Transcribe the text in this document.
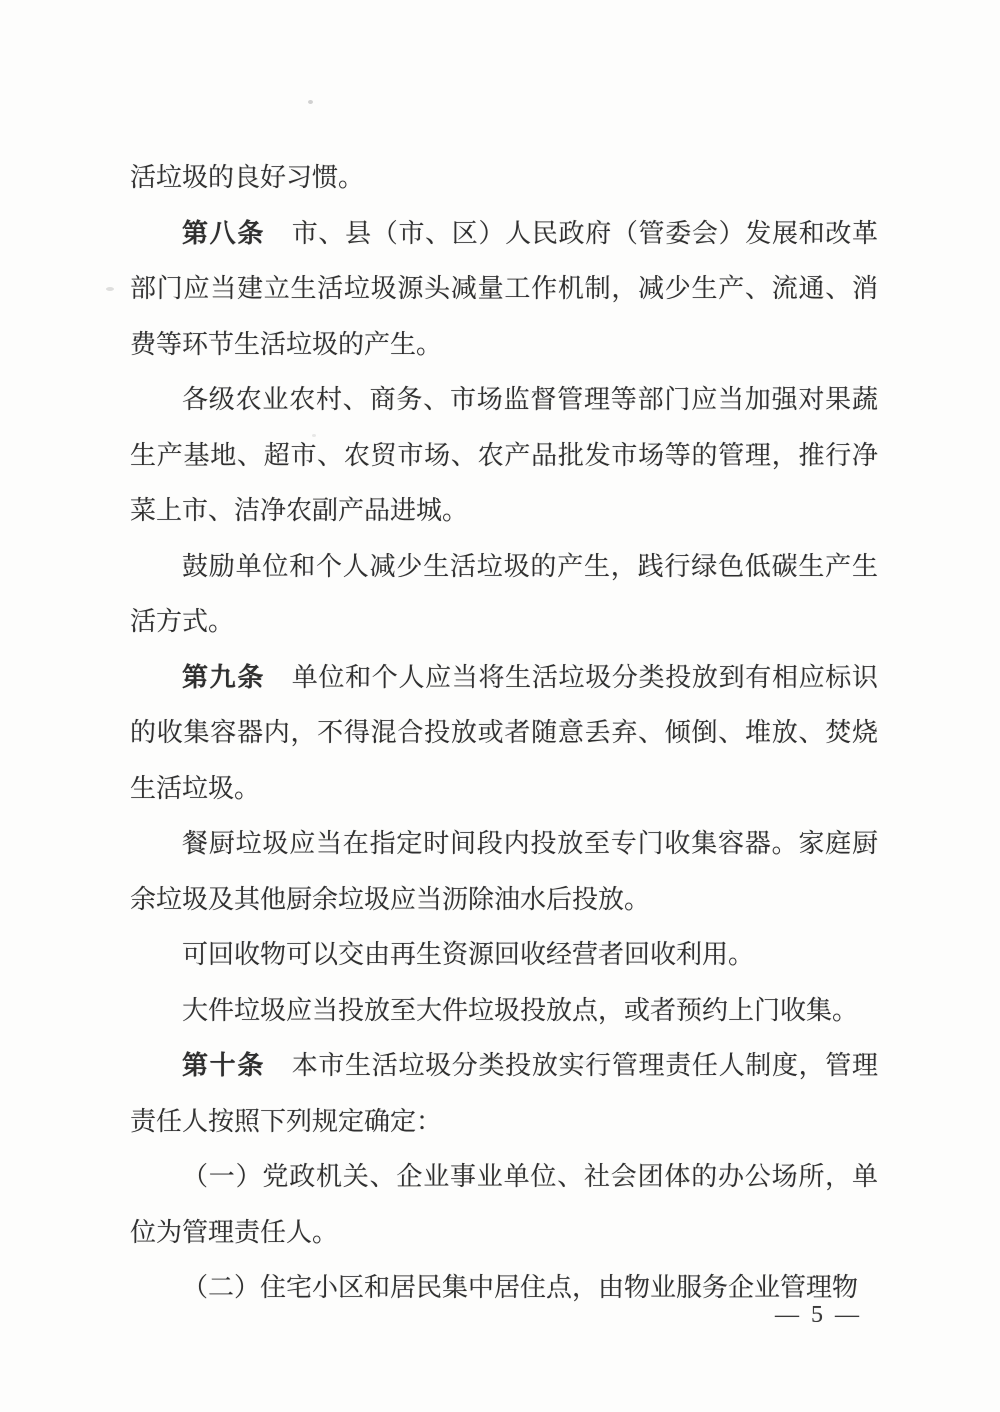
活垃圾的良好习惯。

第八条　市、县（市、区）人民政府（管委会）发展和改革部门应当建立生活垃圾源头减量工作机制，减少生产、流通、消费等环节生活垃圾的产生。

各级农业农村、商务、市场监督管理等部门应当加强对果蔬生产基地、超市、农贸市场、农产品批发市场等的管理，推行净菜上市、洁净农副产品进城。

鼓励单位和个人减少生活垃圾的产生，践行绿色低碳生产生活方式。

第九条　单位和个人应当将生活垃圾分类投放到有相应标识的收集容器内，不得混合投放或者随意丢弃、倾倒、堆放、焚烧生活垃圾。

餐厨垃圾应当在指定时间段内投放至专门收集容器。家庭厨余垃圾及其他厨余垃圾应当沥除油水后投放。

可回收物可以交由再生资源回收经营者回收利用。

大件垃圾应当投放至大件垃圾投放点，或者预约上门收集。

第十条　本市生活垃圾分类投放实行管理责任人制度，管理责任人按照下列规定确定：

（一）党政机关、企业事业单位、社会团体的办公场所，单位为管理责任人。

（二）住宅小区和居民集中居住点，由物业服务企业管理物

— 5 —
